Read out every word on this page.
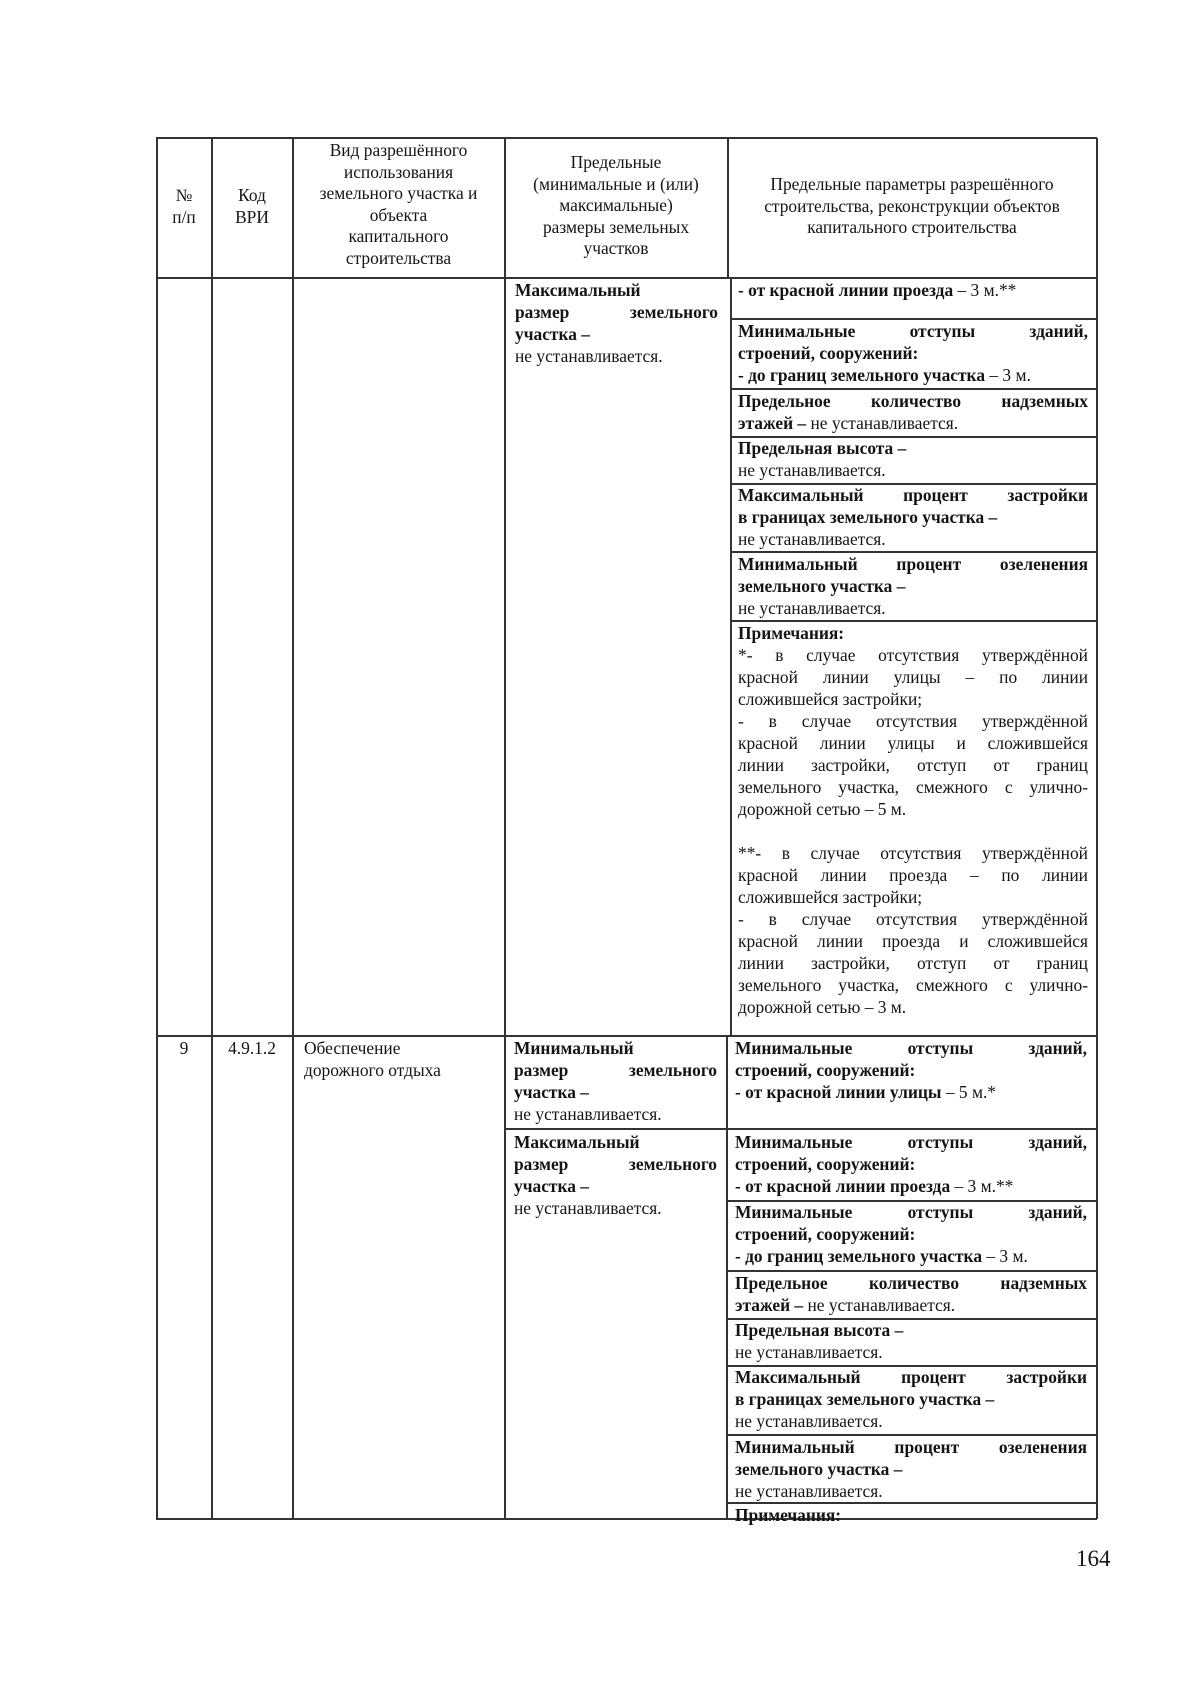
№
п/п
Код
ВРИ
Вид разрешённого
использования
земельного участка и
объекта
капитального
строительства
Предельные
(минимальные и (или)
максимальные)
размеры земельных
участков
Предельные параметры разрешённого
строительства, реконструкции объектов
капитального строительства
Максимальный
размер земельного
участка –
не устанавливается.
- от красной линии проезда – 3 м.**
Минимальные отступы зданий,
строений, сооружений:
- до границ земельного участка – 3 м.
Предельное количество надземных
этажей – не устанавливается.
Предельная высота –
не устанавливается.
Максимальный процент застройки
в границах земельного участка –
не устанавливается.
Минимальный процент озеленения
земельного участка –
не устанавливается.
Примечания:
*- в случае отсутствия утверждённой
красной линии улицы – по линии
сложившейся застройки;
- в случае отсутствия утверждённой
красной линии улицы и сложившейся
линии застройки, отступ от границ
земельного участка, смежного с улично-
дорожной сетью – 5 м.
**- в случае отсутствия утверждённой
красной линии проезда – по линии
сложившейся застройки;
- в случае отсутствия утверждённой
красной линии проезда и сложившейся
линии застройки, отступ от границ
земельного участка, смежного с улично-
дорожной сетью – 3 м.
9	4.9.1.2	Обеспечение
дорожного отдыха
Минимальный
размер земельного
участка –
не устанавливается.
Максимальный
размер земельного
участка –
не устанавливается.
Минимальные отступы зданий,
строений, сооружений:
- от красной линии улицы – 5 м.*
Минимальные отступы зданий,
строений, сооружений:
- от красной линии проезда – 3 м.**
Минимальные отступы зданий,
строений, сооружений:
- до границ земельного участка – 3 м.
Предельное количество надземных
этажей – не устанавливается.
Предельная высота –
не устанавливается.
Максимальный процент застройки
в границах земельного участка –
не устанавливается.
Минимальный процент озеленения
земельного участка –
не устанавливается.
Примечания:
164
